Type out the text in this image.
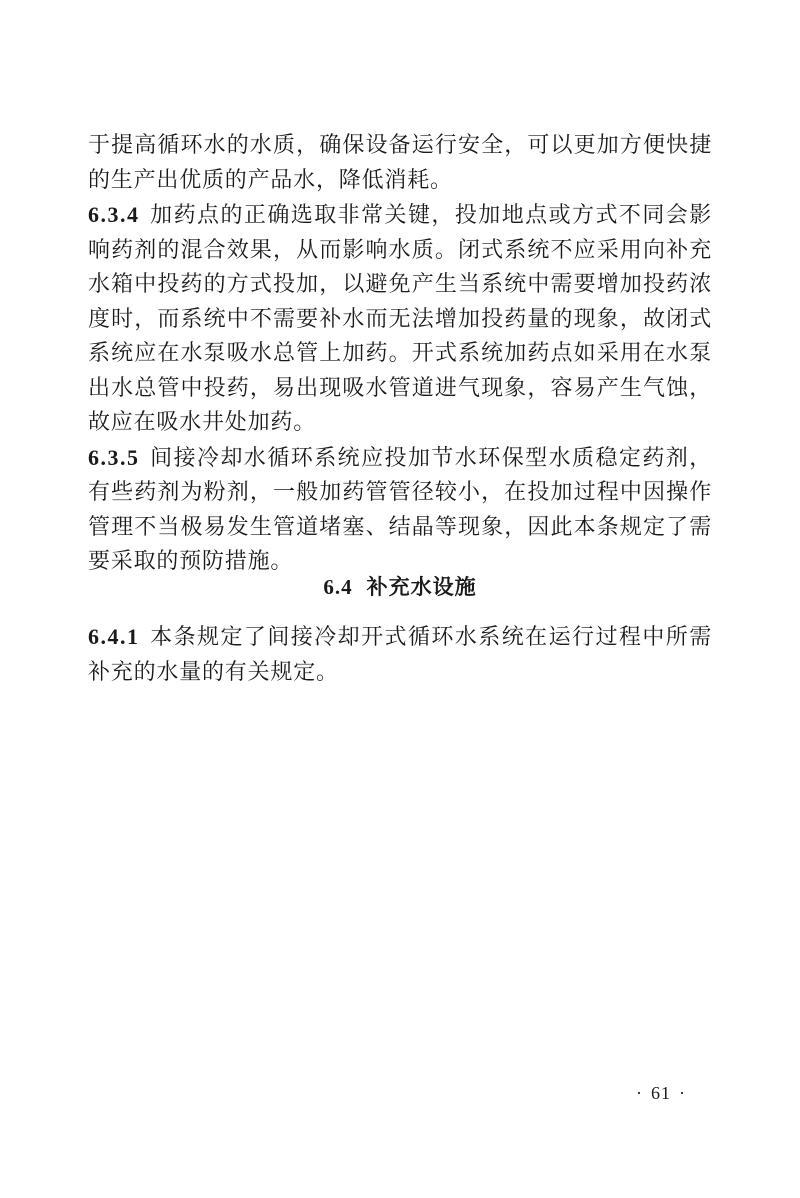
于提高循环水的水质，确保设备运行安全，可以更加方便快捷的生产出优质的产品水，降低消耗。

6.3.4 加药点的正确选取非常关键，投加地点或方式不同会影响药剂的混合效果，从而影响水质。闭式系统不应采用向补充水箱中投药的方式投加，以避免产生当系统中需要增加投药浓度时，而系统中不需要补水而无法增加投药量的现象，故闭式系统应在水泵吸水总管上加药。开式系统加药点如采用在水泵出水总管中投药，易出现吸水管道进气现象，容易产生气蚀，故应在吸水井处加药。

6.3.5 间接冷却水循环系统应投加节水环保型水质稳定药剂，有些药剂为粉剂，一般加药管管径较小，在投加过程中因操作管理不当极易发生管道堵塞、结晶等现象，因此本条规定了需要采取的预防措施。

6.4 补充水设施

6.4.1 本条规定了间接冷却开式循环水系统在运行过程中所需补充的水量的有关规定。

· 61 ·
